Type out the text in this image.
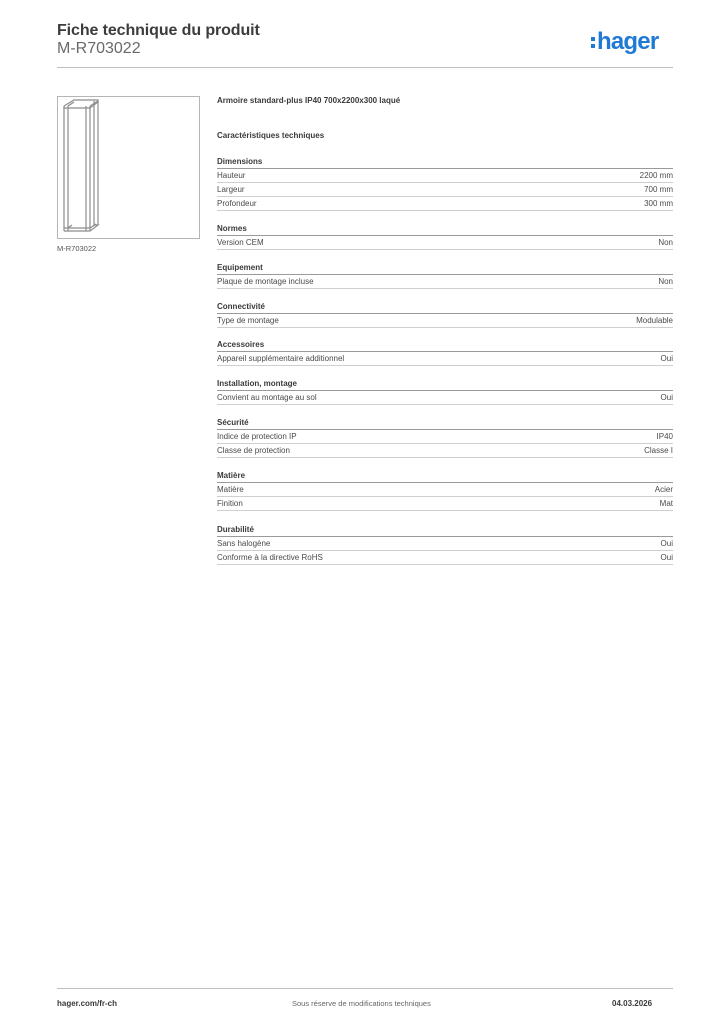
Fiche technique du produit
M-R703022	hager
M-R703022
Armoire standard-plus IP40 700x2200x300 laqué
Caractéristiques techniques
Dimensions
Hauteur	2200 mm
Largeur	700 mm
Profondeur	300 mm
Normes
Version CEM	Non
Equipement
Plaque de montage incluse	Non
Connectivité
Type de montage	Modulable
Accessoires
Appareil supplémentaire additionnel	Oui
Installation, montage
Convient au montage au sol	Oui
Sécurité
Indice de protection IP	IP40
Classe de protection	Classe I
Matière
Matière	Acier
Finition	Mat
Durabilité
Sans halogène	Oui
Conforme à la directive RoHS	Oui
hager.com/fr-ch	Sous réserve de modifications techniques	04.03.2026
